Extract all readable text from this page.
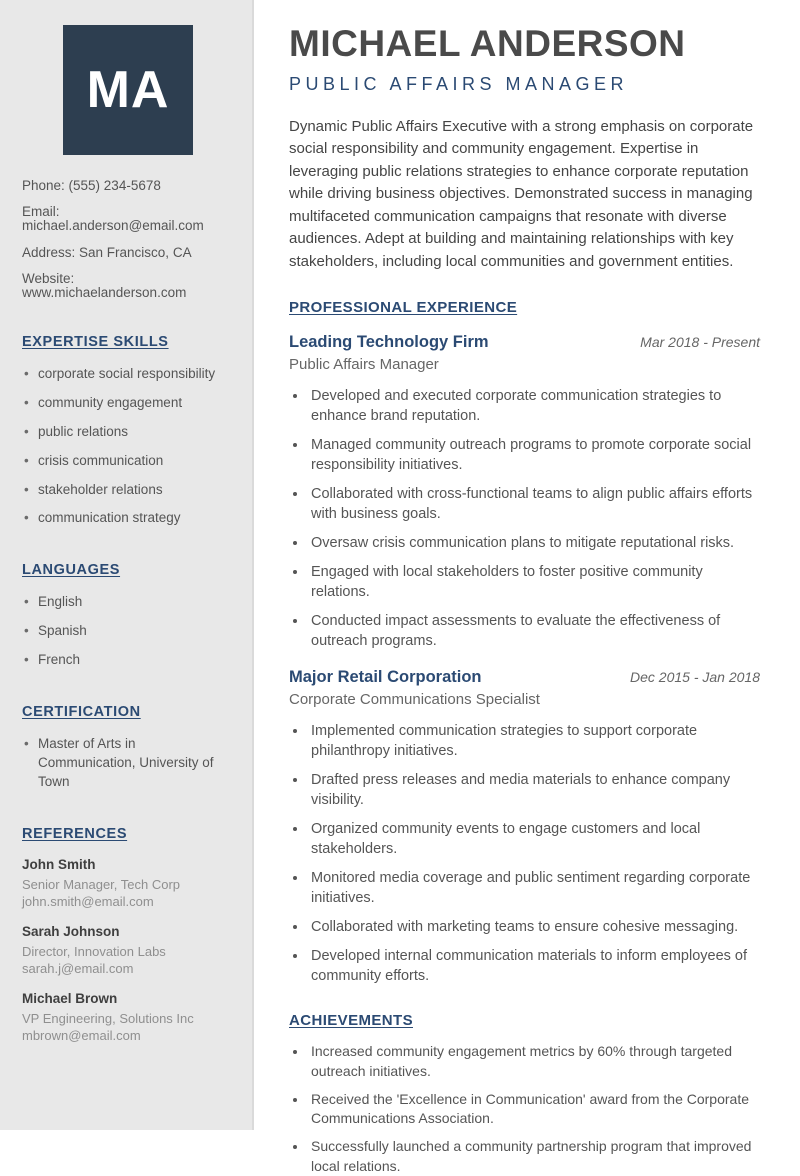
MA
Phone: (555) 234-5678
Email: michael.anderson@email.com
Address: San Francisco, CA
Website: www.michaelanderson.com
EXPERTISE SKILLS
• corporate social responsibility
• community engagement
• public relations
• crisis communication
• stakeholder relations
• communication strategy
LANGUAGES
• English
• Spanish
• French
CERTIFICATION
• Master of Arts in Communication, University of Town
REFERENCES
John Smith
Senior Manager, Tech Corp
john.smith@email.com
Sarah Johnson
Director, Innovation Labs
sarah.j@email.com
Michael Brown
VP Engineering, Solutions Inc
mbrown@email.com
MICHAEL ANDERSON
PUBLIC AFFAIRS MANAGER

Dynamic Public Affairs Executive with a strong emphasis on corporate social responsibility and community engagement. Expertise in leveraging public relations strategies to enhance corporate reputation while driving business objectives. Demonstrated success in managing multifaceted communication campaigns that resonate with diverse audiences. Adept at building and maintaining relationships with key stakeholders, including local communities and government entities.

PROFESSIONAL EXPERIENCE
Leading Technology Firm	Mar 2018 - Present
Public Affairs Manager
• Developed and executed corporate communication strategies to enhance brand reputation.
• Managed community outreach programs to promote corporate social responsibility initiatives.
• Collaborated with cross-functional teams to align public affairs efforts with business goals.
• Oversaw crisis communication plans to mitigate reputational risks.
• Engaged with local stakeholders to foster positive community relations.
• Conducted impact assessments to evaluate the effectiveness of outreach programs.
Major Retail Corporation	Dec 2015 - Jan 2018
Corporate Communications Specialist
• Implemented communication strategies to support corporate philanthropy initiatives.
• Drafted press releases and media materials to enhance company visibility.
• Organized community events to engage customers and local stakeholders.
• Monitored media coverage and public sentiment regarding corporate initiatives.
• Collaborated with marketing teams to ensure cohesive messaging.
• Developed internal communication materials to inform employees of community efforts.
ACHIEVEMENTS
• Increased community engagement metrics by 60% through targeted outreach initiatives.
• Received the 'Excellence in Communication' award from the Corporate Communications Association.
• Successfully launched a community partnership program that improved local relations.
